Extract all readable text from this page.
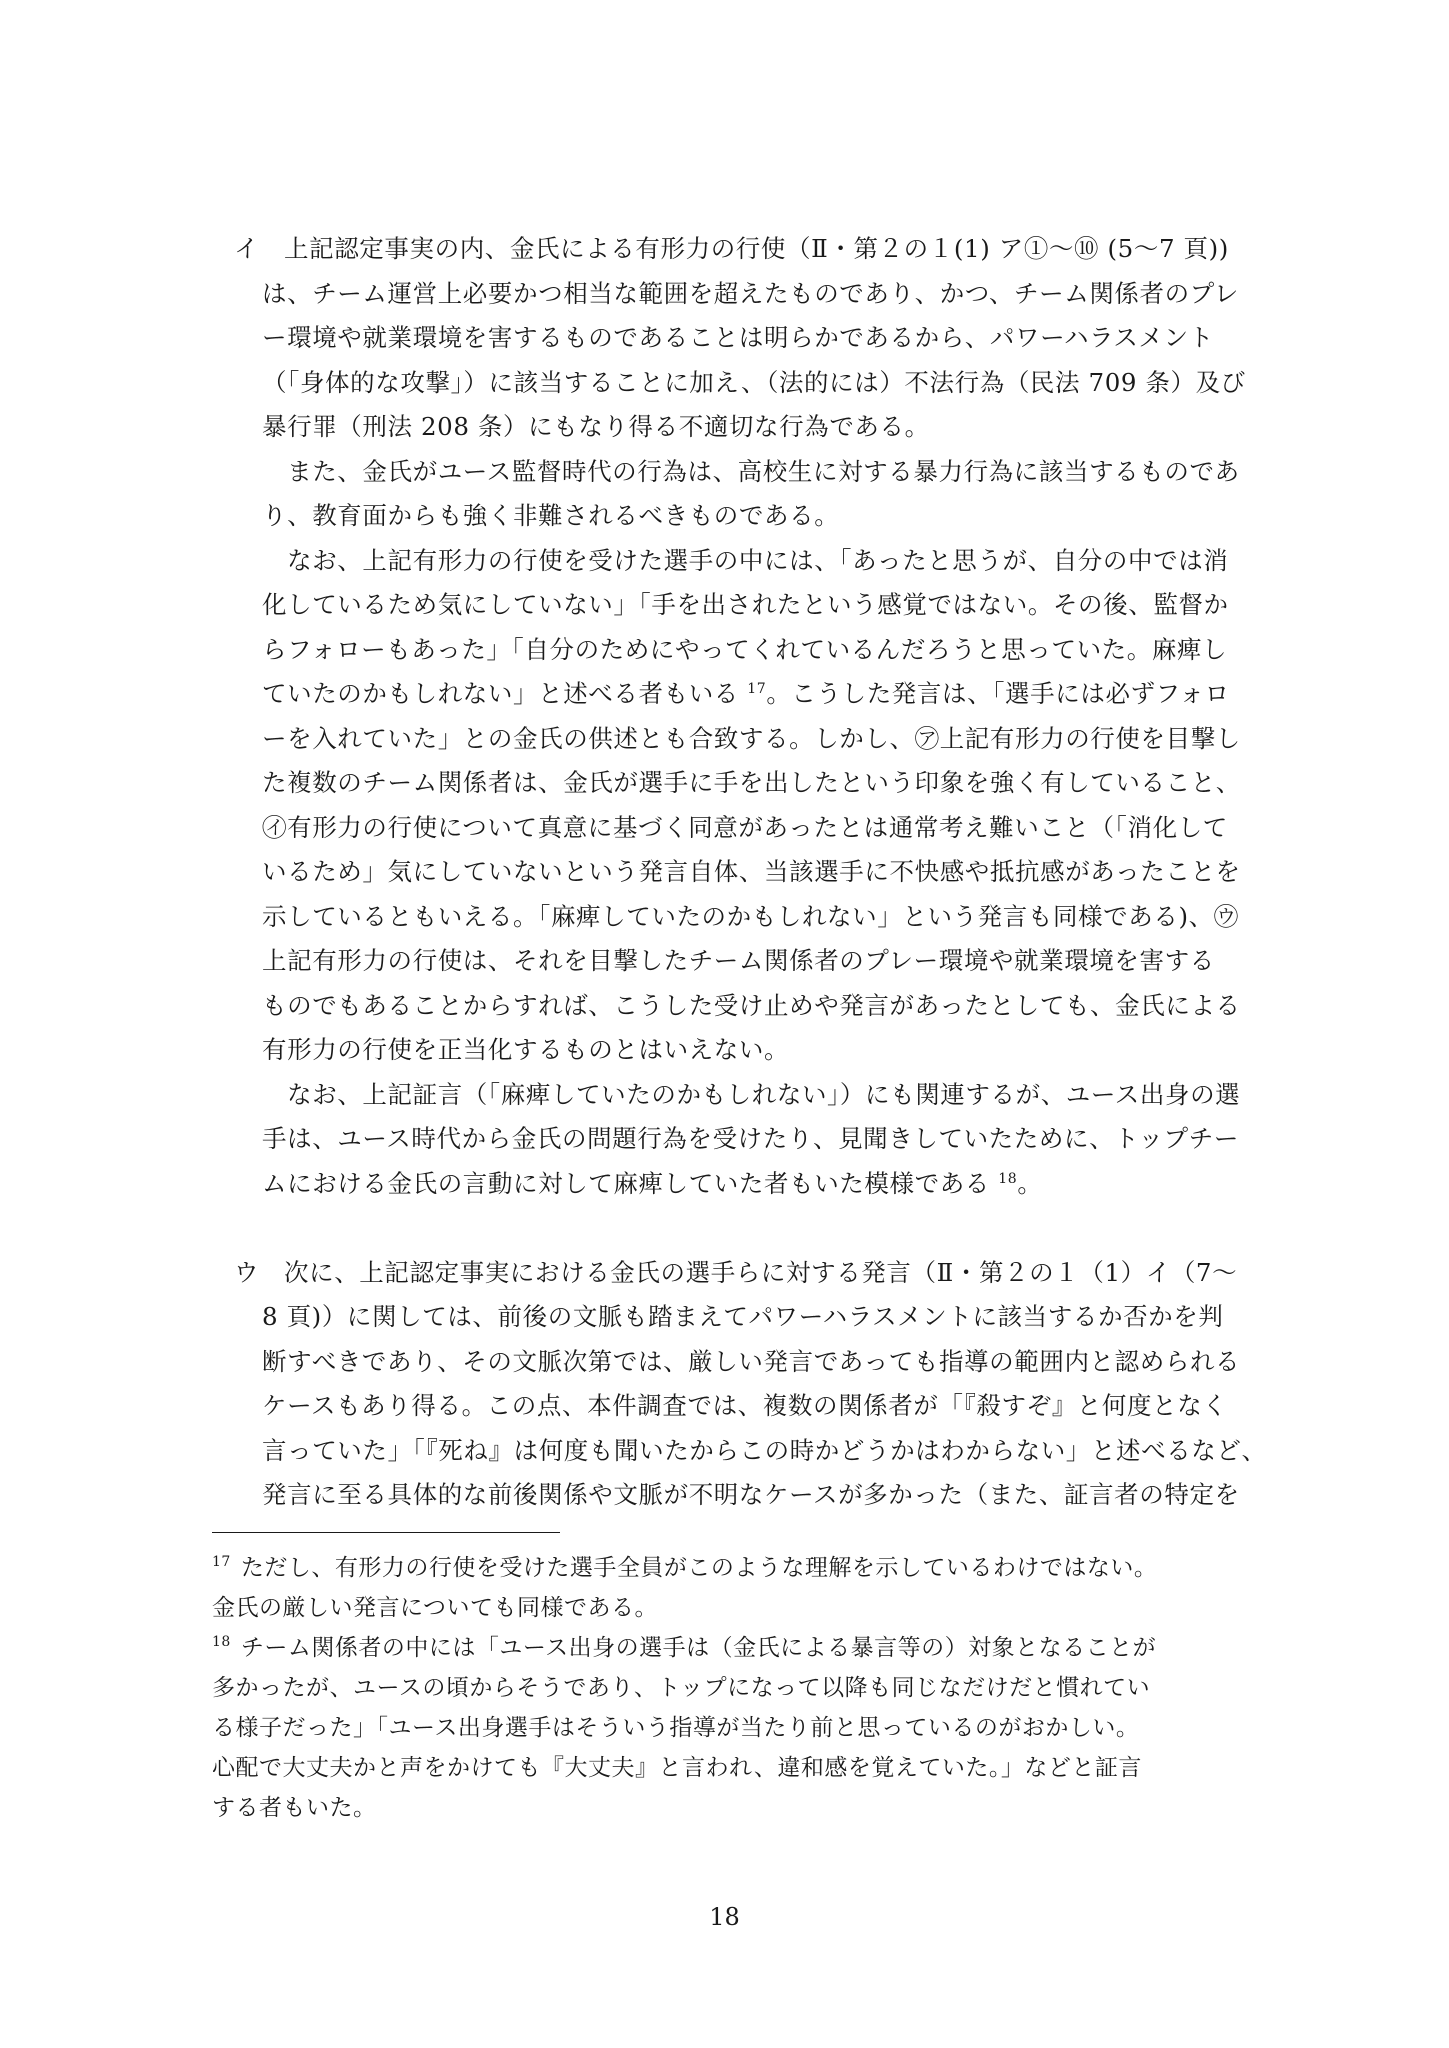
イ 上記認定事実の内、金氏による有形力の行使（Ⅱ・第２の１(1) ア①～⑩ (5～7 頁))
は、チーム運営上必要かつ相当な範囲を超えたものであり、かつ、チーム関係者のプレ
ー環境や就業環境を害するものであることは明らかであるから、パワーハラスメント
（「身体的な攻撃」）に該当することに加え、（法的には）不法行為（民法 709 条）及び
暴行罪（刑法 208 条）にもなり得る不適切な行為である。
　また、金氏がユース監督時代の行為は、高校生に対する暴力行為に該当するものであ
り、教育面からも強く非難されるべきものである。
　なお、上記有形力の行使を受けた選手の中には、「あったと思うが、自分の中では消
化しているため気にしていない」「手を出されたという感覚ではない。その後、監督か
らフォローもあった」「自分のためにやってくれているんだろうと思っていた。麻痺し
ていたのかもしれない」と述べる者もいる $^{17}$。こうした発言は、「選手には必ずフォロ
ーを入れていた」との金氏の供述とも合致する。しかし、㋐上記有形力の行使を目撃し
た複数のチーム関係者は、金氏が選手に手を出したという印象を強く有していること、
㋑有形力の行使について真意に基づく同意があったとは通常考え難いこと（「消化して
いるため」気にしていないという発言自体、当該選手に不快感や抵抗感があったことを
示しているともいえる。「麻痺していたのかもしれない」という発言も同様である)、㋒
上記有形力の行使は、それを目撃したチーム関係者のプレー環境や就業環境を害する
ものでもあることからすれば、こうした受け止めや発言があったとしても、金氏による
有形力の行使を正当化するものとはいえない。
　なお、上記証言（「麻痺していたのかもしれない」）にも関連するが、ユース出身の選
手は、ユース時代から金氏の問題行為を受けたり、見聞きしていたために、トップチー
ムにおける金氏の言動に対して麻痺していた者もいた模様である $^{18}$。
ウ 次に、上記認定事実における金氏の選手らに対する発言（Ⅱ・第２の１（1）イ（7～
8 頁)）に関しては、前後の文脈も踏まえてパワーハラスメントに該当するか否かを判
断すべきであり、その文脈次第では、厳しい発言であっても指導の範囲内と認められる
ケースもあり得る。この点、本件調査では、複数の関係者が「『殺すぞ』と何度となく
言っていた」「『死ね』は何度も聞いたからこの時かどうかはわからない」と述べるなど、
発言に至る具体的な前後関係や文脈が不明なケースが多かった（また、証言者の特定を
$^{17}$ ただし、有形力の行使を受けた選手全員がこのような理解を示しているわけではない。
金氏の厳しい発言についても同様である。
$^{18}$ チーム関係者の中には「ユース出身の選手は（金氏による暴言等の）対象となることが
多かったが、ユースの頃からそうであり、トップになって以降も同じなだけだと慣れてい
る様子だった」「ユース出身選手はそういう指導が当たり前と思っているのがおかしい。
心配で大丈夫かと声をかけても『大丈夫』と言われ、違和感を覚えていた。」などと証言
する者もいた。
18
